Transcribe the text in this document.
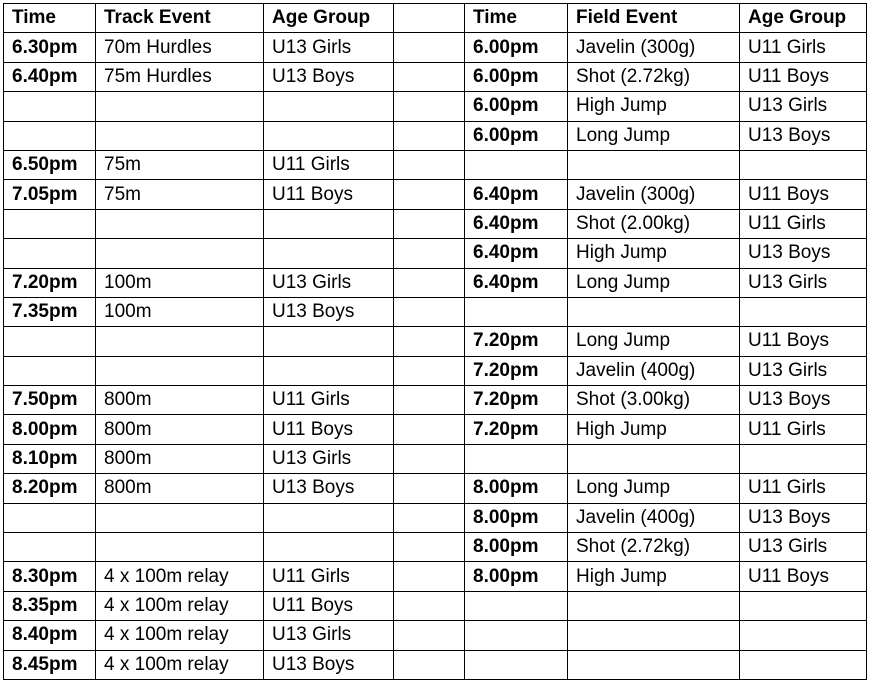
Time	Track Event	Age Group		Time	Field Event	Age Group
6.30pm	70m Hurdles	U13 Girls		6.00pm	Javelin (300g)	U11 Girls
6.40pm	75m Hurdles	U13 Boys		6.00pm	Shot (2.72kg)	U11 Boys
				6.00pm	High Jump	U13 Girls
				6.00pm	Long Jump	U13 Boys
6.50pm	75m	U11 Girls				
7.05pm	75m	U11 Boys		6.40pm	Javelin (300g)	U11 Boys
				6.40pm	Shot (2.00kg)	U11 Girls
				6.40pm	High Jump	U13 Boys
7.20pm	100m	U13 Girls		6.40pm	Long Jump	U13 Girls
7.35pm	100m	U13 Boys				
				7.20pm	Long Jump	U11 Boys
				7.20pm	Javelin (400g)	U13 Girls
7.50pm	800m	U11 Girls		7.20pm	Shot (3.00kg)	U13 Boys
8.00pm	800m	U11 Boys		7.20pm	High Jump	U11 Girls
8.10pm	800m	U13 Girls				
8.20pm	800m	U13 Boys		8.00pm	Long Jump	U11 Girls
				8.00pm	Javelin (400g)	U13 Boys
				8.00pm	Shot (2.72kg)	U13 Girls
8.30pm	4 x 100m relay	U11 Girls		8.00pm	High Jump	U11 Boys
8.35pm	4 x 100m relay	U11 Boys				
8.40pm	4 x 100m relay	U13 Girls				
8.45pm	4 x 100m relay	U13 Boys				
